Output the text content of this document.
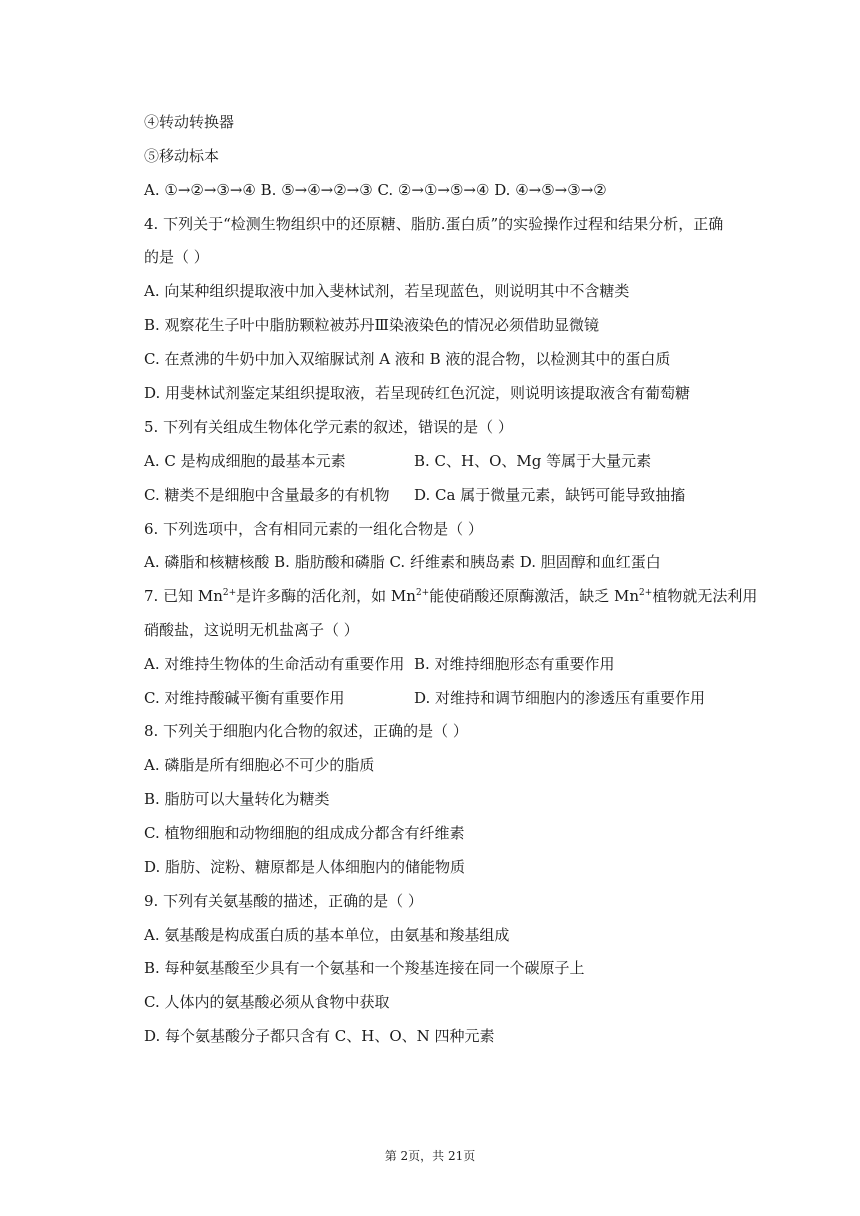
④转动转换器
⑤移动标本
A. ①→②→③→④ B. ⑤→④→②→③ C. ②→①→⑤→④ D. ④→⑤→③→②
4. 下列关于“检测生物组织中的还原糖、脂肪.蛋白质”的实验操作过程和结果分析，正确
的是（ ）
A. 向某种组织提取液中加入斐林试剂，若呈现蓝色，则说明其中不含糖类
B. 观察花生子叶中脂肪颗粒被苏丹Ⅲ染液染色的情况必须借助显微镜
C. 在煮沸的牛奶中加入双缩脲试剂 A 液和 B 液的混合物，以检测其中的蛋白质
D. 用斐林试剂鉴定某组织提取液，若呈现砖红色沉淀，则说明该提取液含有葡萄糖
5. 下列有关组成生物体化学元素的叙述，错误的是（ ）
A. C 是构成细胞的最基本元素	B. C、H、O、Mg 等属于大量元素
C. 糖类不是细胞中含量最多的有机物 D. Ca 属于微量元素，缺钙可能导致抽搐
6. 下列选项中，含有相同元素的一组化合物是（ ）
A. 磷脂和核糖核酸 B. 脂肪酸和磷脂 C. 纤维素和胰岛素 D. 胆固醇和血红蛋白
7. 已知 $Mn^{2+}$是许多酶的活化剂，如 $Mn^{2+}$能使硝酸还原酶激活，缺乏 $Mn^{2+}$植物就无法利用
硝酸盐，这说明无机盐离子（ ）
A. 对维持生物体的生命活动有重要作用 B. 对维持细胞形态有重要作用
C. 对维持酸碱平衡有重要作用	D. 对维持和调节细胞内的渗透压有重要作用
8. 下列关于细胞内化合物的叙述，正确的是（ ）
A. 磷脂是所有细胞必不可少的脂质
B. 脂肪可以大量转化为糖类
C. 植物细胞和动物细胞的组成成分都含有纤维素
D. 脂肪、淀粉、糖原都是人体细胞内的储能物质
9. 下列有关氨基酸的描述，正确的是（ ）
A. 氨基酸是构成蛋白质的基本单位，由氨基和羧基组成
B. 每种氨基酸至少具有一个氨基和一个羧基连接在同一个碳原子上
C. 人体内的氨基酸必须从食物中获取
D. 每个氨基酸分子都只含有 C、H、O、N 四种元素
第 2页，共 21页
